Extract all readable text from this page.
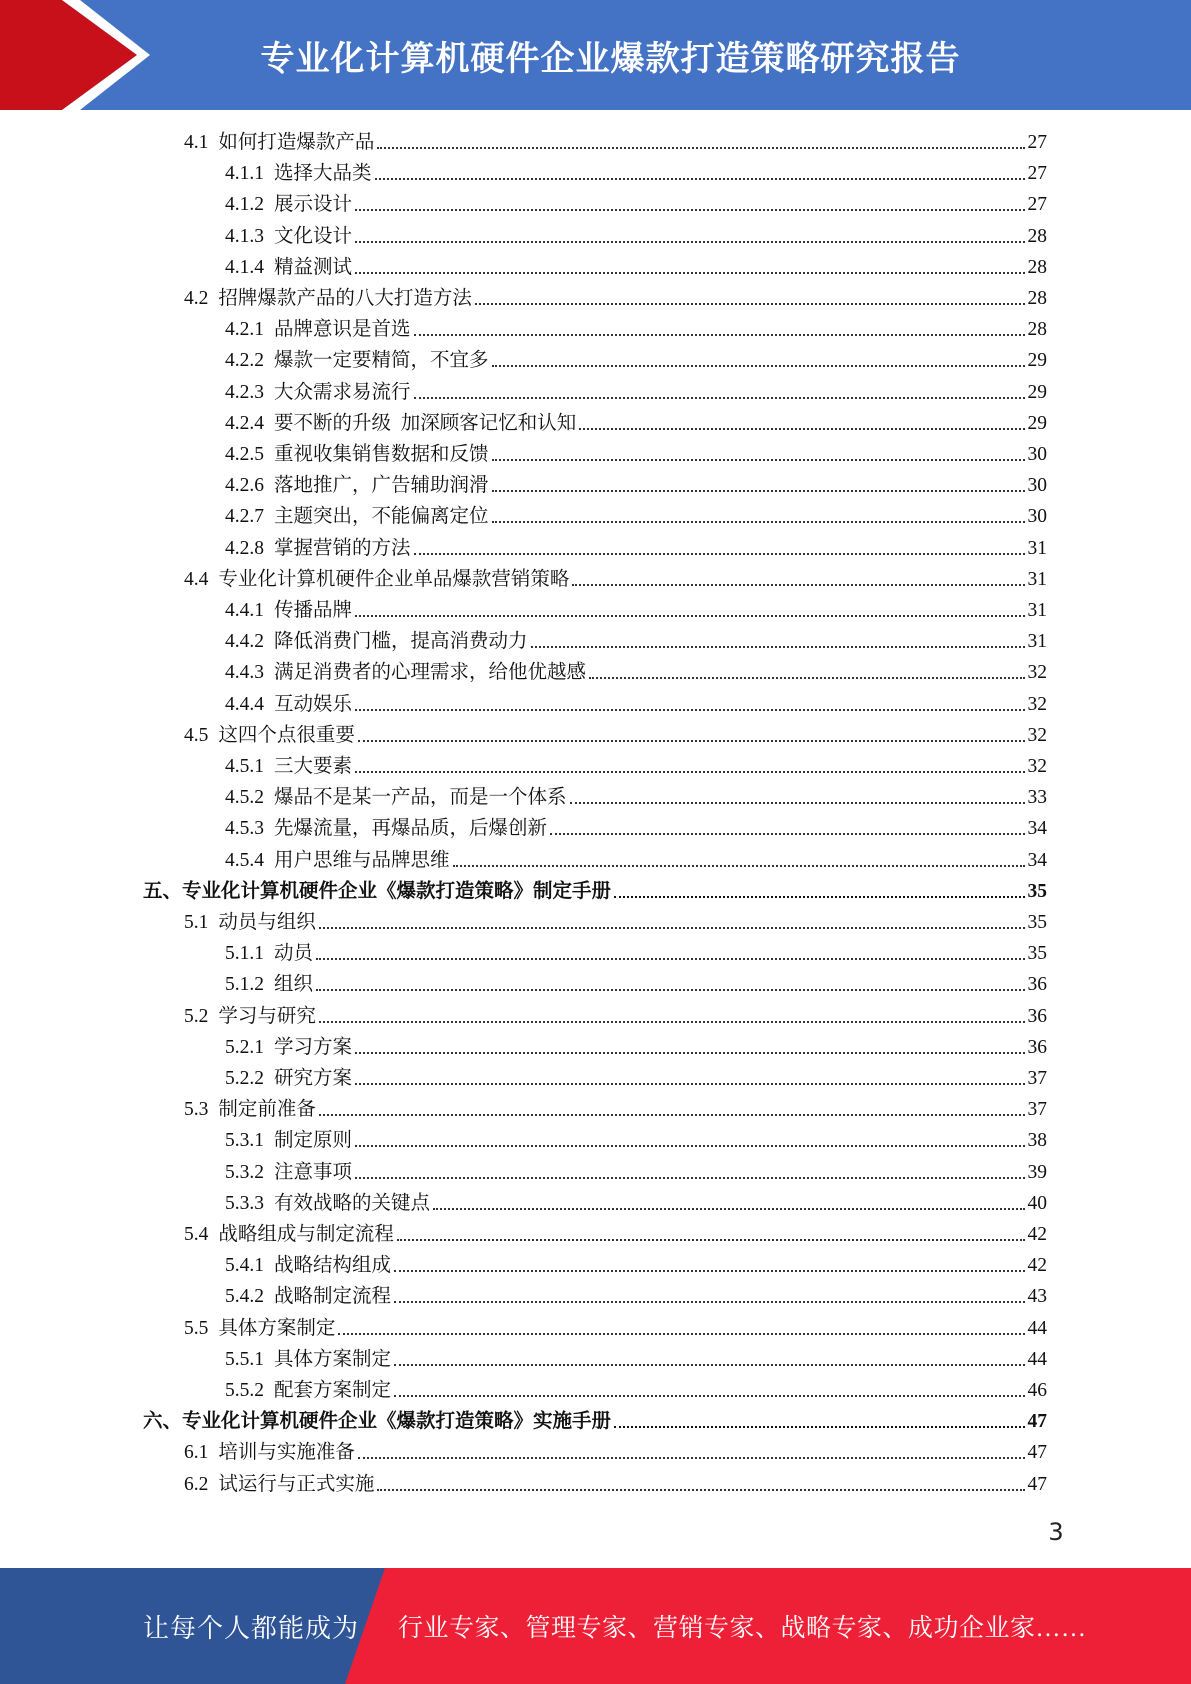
专业化计算机硬件企业爆款打造策略研究报告
4.1 如何打造爆款产品	27
4.1.1 选择大品类	27
4.1.2 展示设计	27
4.1.3 文化设计	28
4.1.4 精益测试	28
4.2 招牌爆款产品的八大打造方法	28
4.2.1 品牌意识是首选	28
4.2.2 爆款一定要精简，不宜多	29
4.2.3 大众需求易流行	29
4.2.4 要不断的升级  加深顾客记忆和认知	29
4.2.5 重视收集销售数据和反馈	30
4.2.6 落地推广，广告辅助润滑	30
4.2.7 主题突出，不能偏离定位	30
4.2.8 掌握营销的方法	31
4.4 专业化计算机硬件企业单品爆款营销策略	31
4.4.1 传播品牌	31
4.4.2 降低消费门槛，提高消费动力	31
4.4.3 满足消费者的心理需求，给他优越感	32
4.4.4 互动娱乐	32
4.5 这四个点很重要	32
4.5.1 三大要素	32
4.5.2 爆品不是某一产品，而是一个体系	33
4.5.3 先爆流量，再爆品质，后爆创新	34
4.5.4 用户思维与品牌思维	34
五、 专业化计算机硬件企业《爆款打造策略》制定手册	35
5.1 动员与组织	35
5.1.1 动员	35
5.1.2 组织	36
5.2 学习与研究	36
5.2.1 学习方案	36
5.2.2 研究方案	37
5.3 制定前准备	37
5.3.1 制定原则	38
5.3.2 注意事项	39
5.3.3 有效战略的关键点	40
5.4 战略组成与制定流程	42
5.4.1 战略结构组成	42
5.4.2 战略制定流程	43
5.5 具体方案制定	44
5.5.1 具体方案制定	44
5.5.2 配套方案制定	46
六、 专业化计算机硬件企业《爆款打造策略》实施手册	47
6.1 培训与实施准备	47
6.2 试运行与正式实施	47
3
让每个人都能成为 行业专家、管理专家、营销专家、战略专家、成功企业家……
